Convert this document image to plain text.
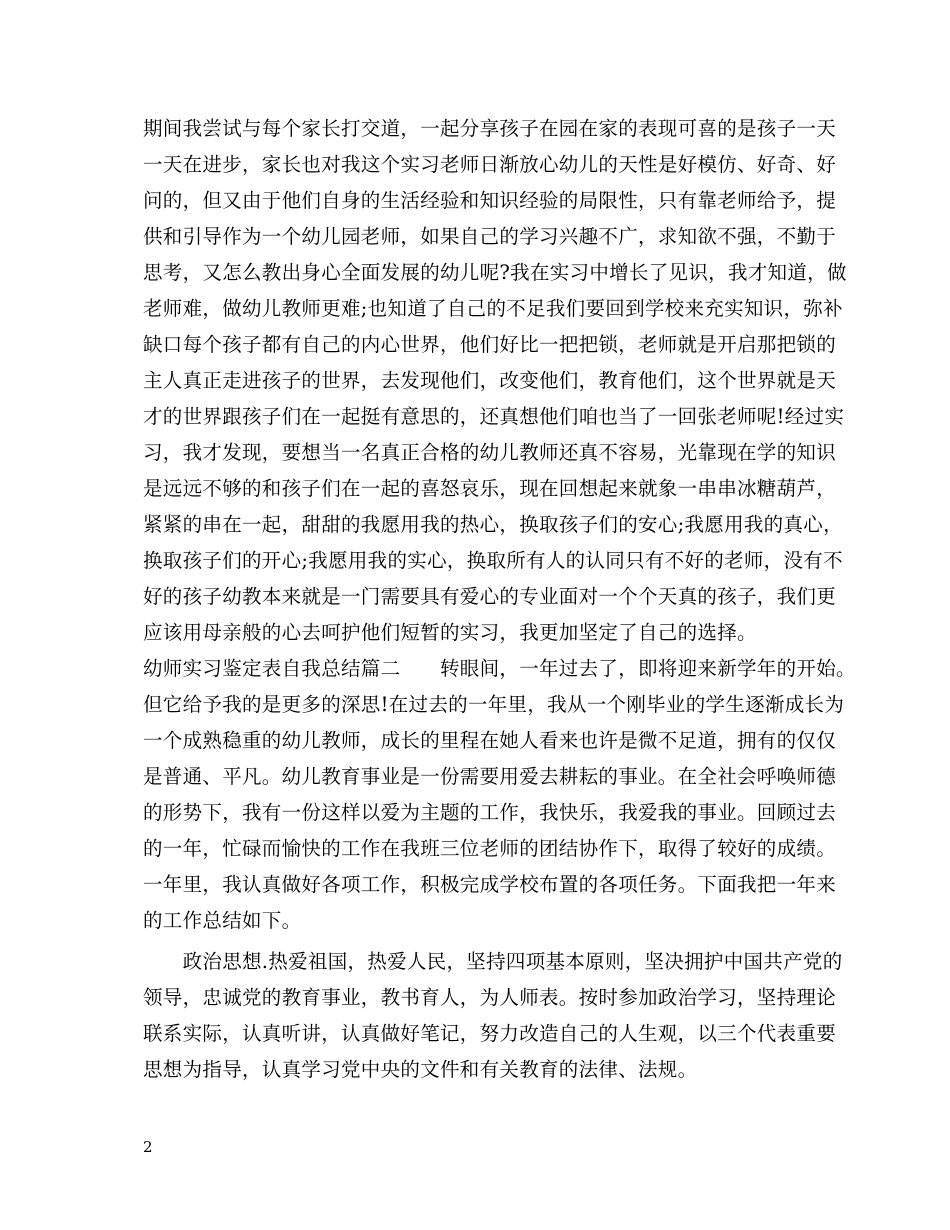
期间我尝试与每个家长打交道，一起分享孩子在园在家的表现可喜的是孩子一天
一天在进步，家长也对我这个实习老师日渐放心幼儿的天性是好模仿、好奇、好
问的，但又由于他们自身的生活经验和知识经验的局限性，只有靠老师给予，提
供和引导作为一个幼儿园老师，如果自己的学习兴趣不广，求知欲不强，不勤于
思考，又怎么教出身心全面发展的幼儿呢?我在实习中增长了见识，我才知道，做
老师难，做幼儿教师更难;也知道了自己的不足我们要回到学校来充实知识，弥补
缺口每个孩子都有自己的内心世界，他们好比一把把锁，老师就是开启那把锁的
主人真正走进孩子的世界，去发现他们，改变他们，教育他们，这个世界就是天
才的世界跟孩子们在一起挺有意思的，还真想他们咱也当了一回张老师呢!经过实
习，我才发现，要想当一名真正合格的幼儿教师还真不容易，光靠现在学的知识
是远远不够的和孩子们在一起的喜怒哀乐，现在回想起来就象一串串冰糖葫芦，
紧紧的串在一起，甜甜的我愿用我的热心，换取孩子们的安心;我愿用我的真心，
换取孩子们的开心;我愿用我的实心，换取所有人的认同只有不好的老师，没有不
好的孩子幼教本来就是一门需要具有爱心的专业面对一个个天真的孩子，我们更
应该用母亲般的心去呵护他们短暂的实习，我更加坚定了自己的选择。
幼师实习鉴定表自我总结篇二　　转眼间，一年过去了，即将迎来新学年的开始。
但它给予我的是更多的深思!在过去的一年里，我从一个刚毕业的学生逐渐成长为
一个成熟稳重的幼儿教师，成长的里程在她人看来也许是微不足道，拥有的仅仅
是普通、平凡。幼儿教育事业是一份需要用爱去耕耘的事业。在全社会呼唤师德
的形势下，我有一份这样以爱为主题的工作，我快乐，我爱我的事业。回顾过去
的一年，忙碌而愉快的工作在我班三位老师的团结协作下，取得了较好的成绩。
一年里，我认真做好各项工作，积极完成学校布置的各项任务。下面我把一年来
的工作总结如下。
　　政治思想.热爱祖国，热爱人民，坚持四项基本原则，坚决拥护中国共产党的
领导，忠诚党的教育事业，教书育人，为人师表。按时参加政治学习，坚持理论
联系实际，认真听讲，认真做好笔记，努力改造自己的人生观，以三个代表重要
思想为指导，认真学习党中央的文件和有关教育的法律、法规。
2
